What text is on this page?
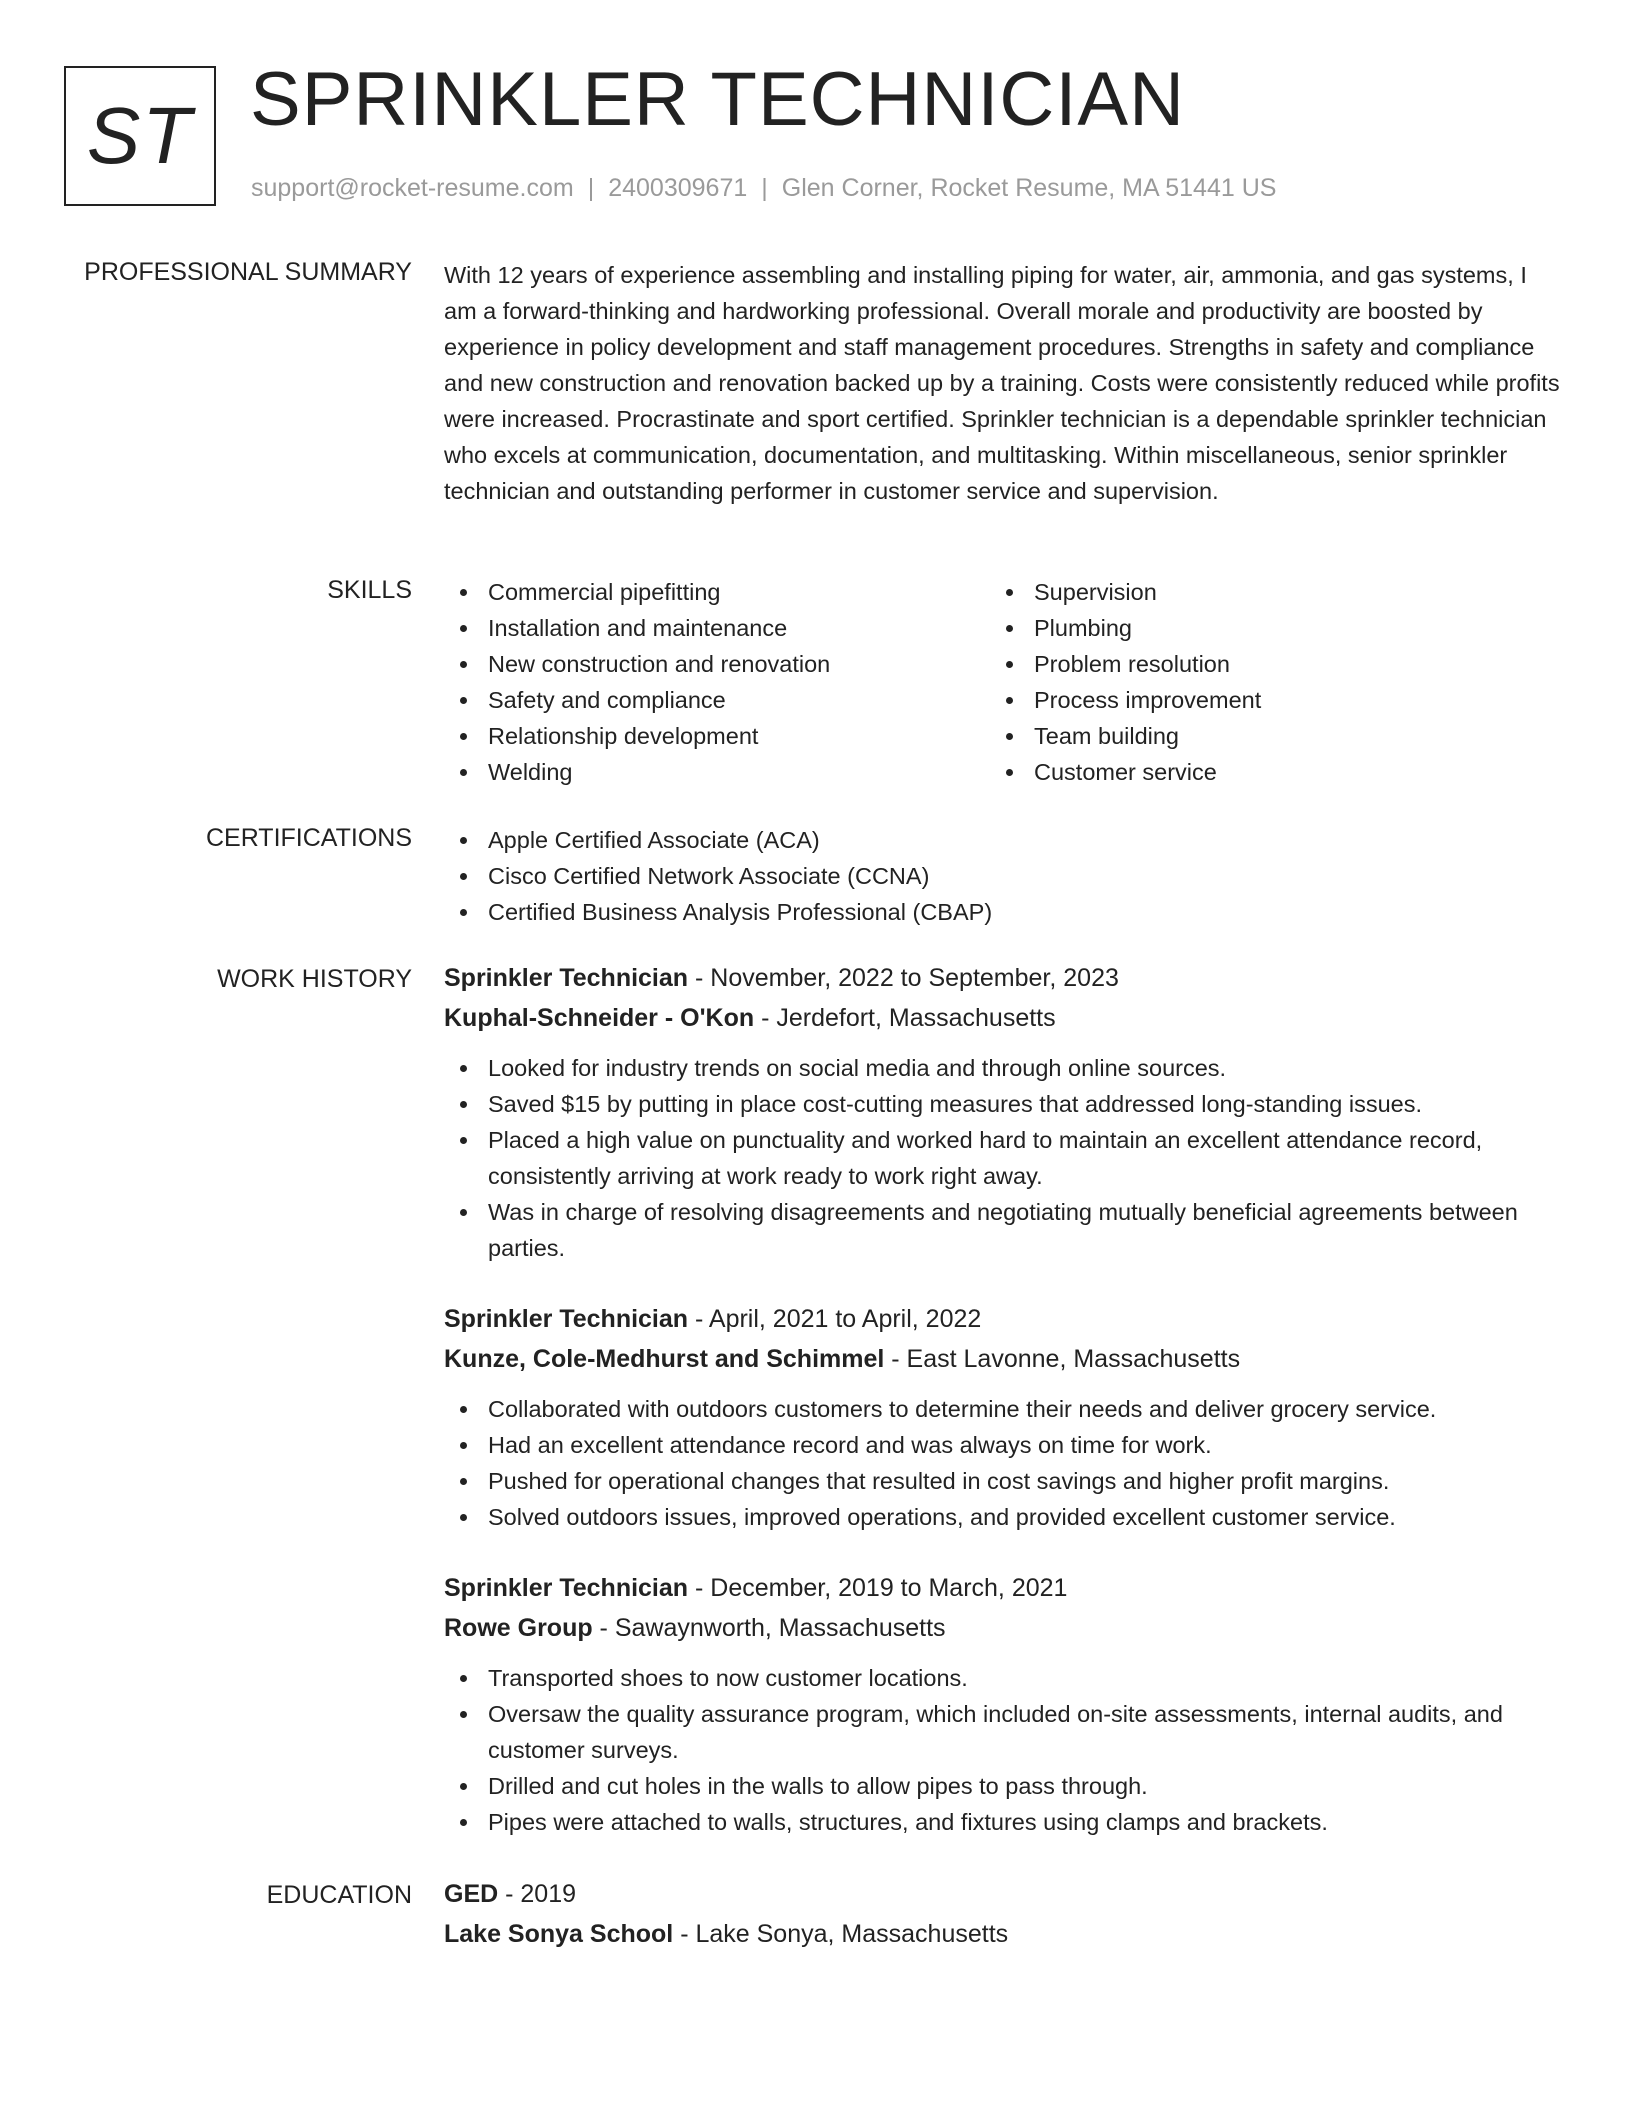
ST SPRINKLER TECHNICIAN
support@rocket-resume.com | 2400309671 | Glen Corner, Rocket Resume, MA 51441 US
PROFESSIONAL SUMMARY With 12 years of experience assembling and installing piping for water, air, ammonia, and gas systems, I am a forward-thinking and hardworking professional. Overall morale and productivity are boosted by experience in policy development and staff management procedures. Strengths in safety and compliance and new construction and renovation backed up by a training. Costs were consistently reduced while profits were increased. Procrastinate and sport certified. Sprinkler technician is a dependable sprinkler technician who excels at communication, documentation, and multitasking. Within miscellaneous, senior sprinkler technician and outstanding performer in customer service and supervision.

SKILLS	Commercial pipefitting
Installation and maintenance
New construction and renovation
Safety and compliance
Relationship development
Welding
Supervision
Plumbing
Problem resolution
Process improvement
Team building
Customer service
CERTIFICATIONS	Apple Certified Associate (ACA)
Cisco Certified Network Associate (CCNA)
Certified Business Analysis Professional (CBAP)
WORK HISTORY Sprinkler Technician - November, 2022 to September, 2023
Kuphal-Schneider - O'Kon - Jerdefort, Massachusetts
Looked for industry trends on social media and through online sources.
Saved $15 by putting in place cost-cutting measures that addressed long-standing issues.
Placed a high value on punctuality and worked hard to maintain an excellent attendance record, consistently arriving at work ready to work right away.
Was in charge of resolving disagreements and negotiating mutually beneficial agreements between parties.
Sprinkler Technician - April, 2021 to April, 2022
Kunze, Cole-Medhurst and Schimmel - East Lavonne, Massachusetts
Collaborated with outdoors customers to determine their needs and deliver grocery service.
Had an excellent attendance record and was always on time for work.
Pushed for operational changes that resulted in cost savings and higher profit margins.
Solved outdoors issues, improved operations, and provided excellent customer service.
Sprinkler Technician - December, 2019 to March, 2021
Rowe Group - Sawaynworth, Massachusetts
Transported shoes to now customer locations.
Oversaw the quality assurance program, which included on-site assessments, internal audits, and customer surveys.
Drilled and cut holes in the walls to allow pipes to pass through.
Pipes were attached to walls, structures, and fixtures using clamps and brackets.
EDUCATION GED - 2019
Lake Sonya School - Lake Sonya, Massachusetts
